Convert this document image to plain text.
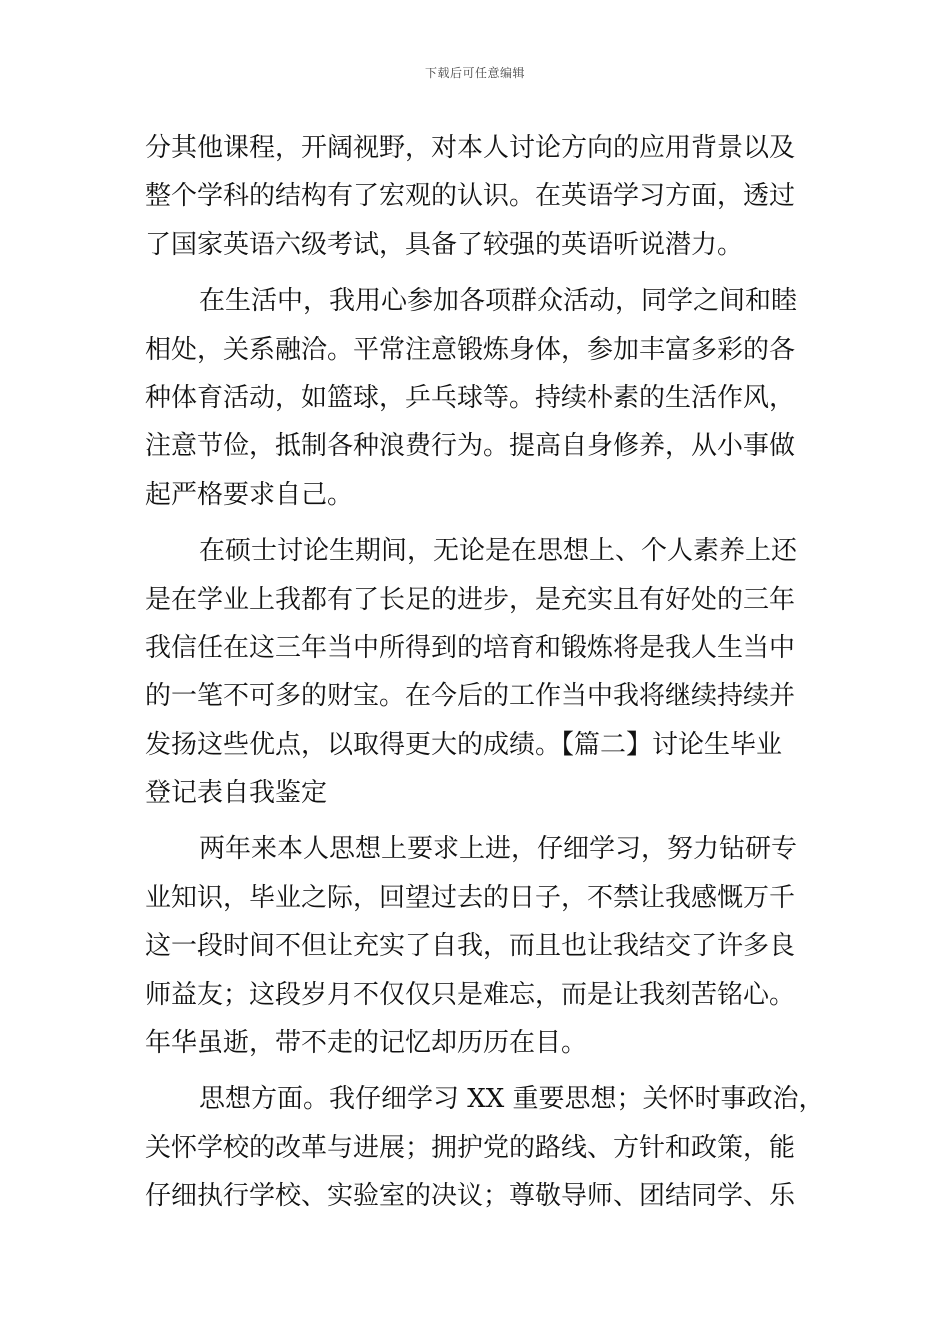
下载后可任意编辑
分其他课程，开阔视野，对本人讨论方向的应用背景以及
整个学科的结构有了宏观的认识。在英语学习方面，透过
了国家英语六级考试，具备了较强的英语听说潜力。
在生活中，我用心参加各项群众活动，同学之间和睦
相处，关系融洽。平常注意锻炼身体，参加丰富多彩的各
种体育活动，如篮球，乒乓球等。持续朴素的生活作风，
注意节俭，抵制各种浪费行为。提高自身修养，从小事做
起严格要求自己。
在硕士讨论生期间，无论是在思想上、个人素养上还
是在学业上我都有了长足的进步，是充实且有好处的三年
我信任在这三年当中所得到的培育和锻炼将是我人生当中
的一笔不可多的财宝。在今后的工作当中我将继续持续并
发扬这些优点，以取得更大的成绩。【篇二】讨论生毕业
登记表自我鉴定
两年来本人思想上要求上进，仔细学习，努力钻研专
业知识，毕业之际，回望过去的日子，不禁让我感慨万千
这一段时间不但让充实了自我，而且也让我结交了许多良
师益友；这段岁月不仅仅只是难忘，而是让我刻苦铭心。
年华虽逝，带不走的记忆却历历在目。
思想方面。我仔细学习 XX 重要思想；关怀时事政治，
关怀学校的改革与进展；拥护党的路线、方针和政策，能
仔细执行学校、实验室的决议；尊敬导师、团结同学、乐
